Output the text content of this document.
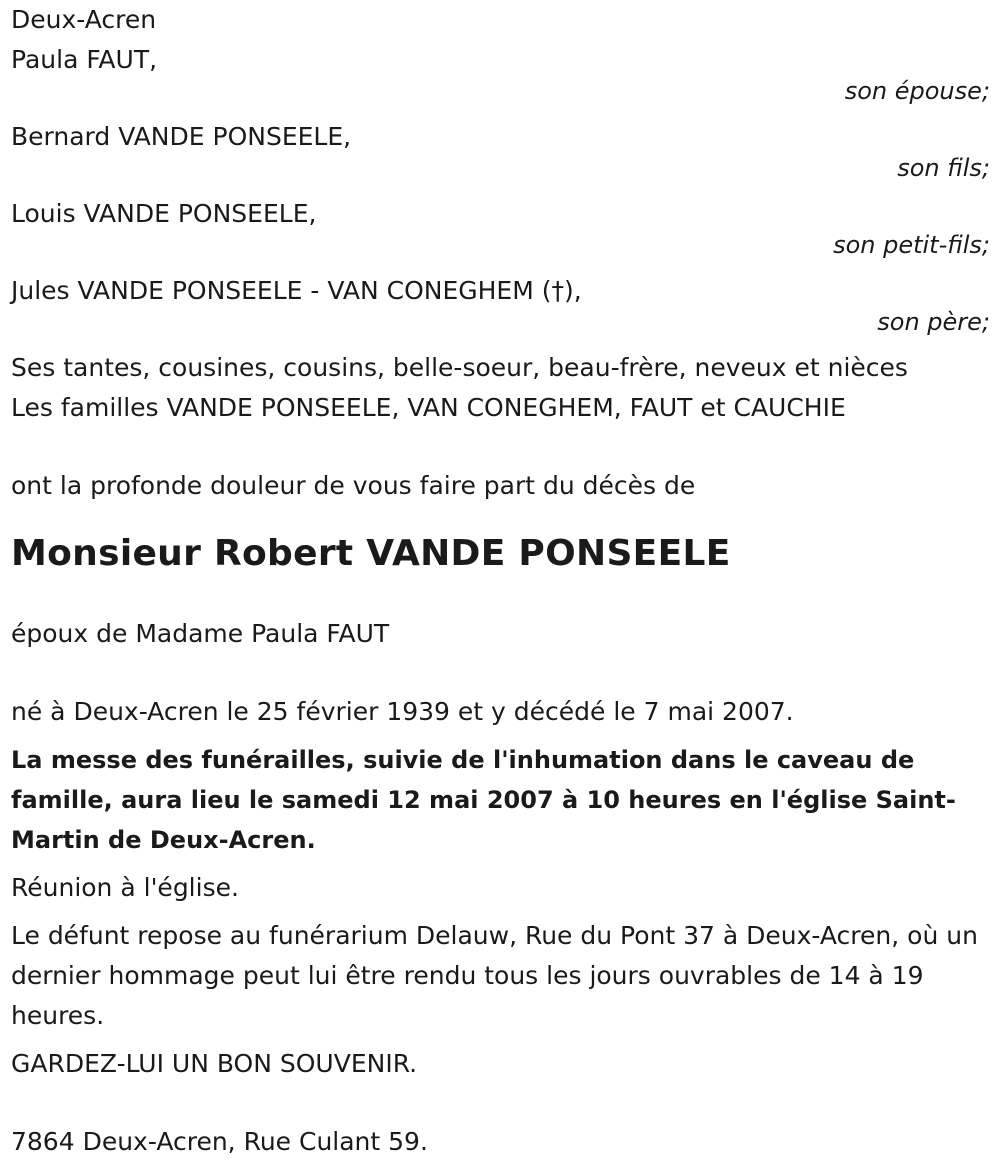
Deux-Acren
Paula FAUT,
son épouse;
Bernard VANDE PONSEELE,
son fils;
Louis VANDE PONSEELE,
son petit-fils;
Jules VANDE PONSEELE - VAN CONEGHEM (†),
son père;
Ses tantes, cousines, cousins, belle-soeur, beau-frère, neveux et nièces
Les familles VANDE PONSEELE, VAN CONEGHEM, FAUT et CAUCHIE
ont la profonde douleur de vous faire part du décès de
Monsieur Robert VANDE PONSEELE
époux de Madame Paula FAUT
né à Deux-Acren le 25 février 1939 et y décédé le 7 mai 2007.
La messe des funérailles, suivie de l'inhumation dans le caveau de famille, aura lieu le samedi 12 mai 2007 à 10 heures en l'église Saint-Martin de Deux-Acren.
Réunion à l'église.
Le défunt repose au funérarium Delauw, Rue du Pont 37 à Deux-Acren, où un dernier hommage peut lui être rendu tous les jours ouvrables de 14 à 19 heures.
GARDEZ-LUI UN BON SOUVENIR.
7864 Deux-Acren, Rue Culant 59.
